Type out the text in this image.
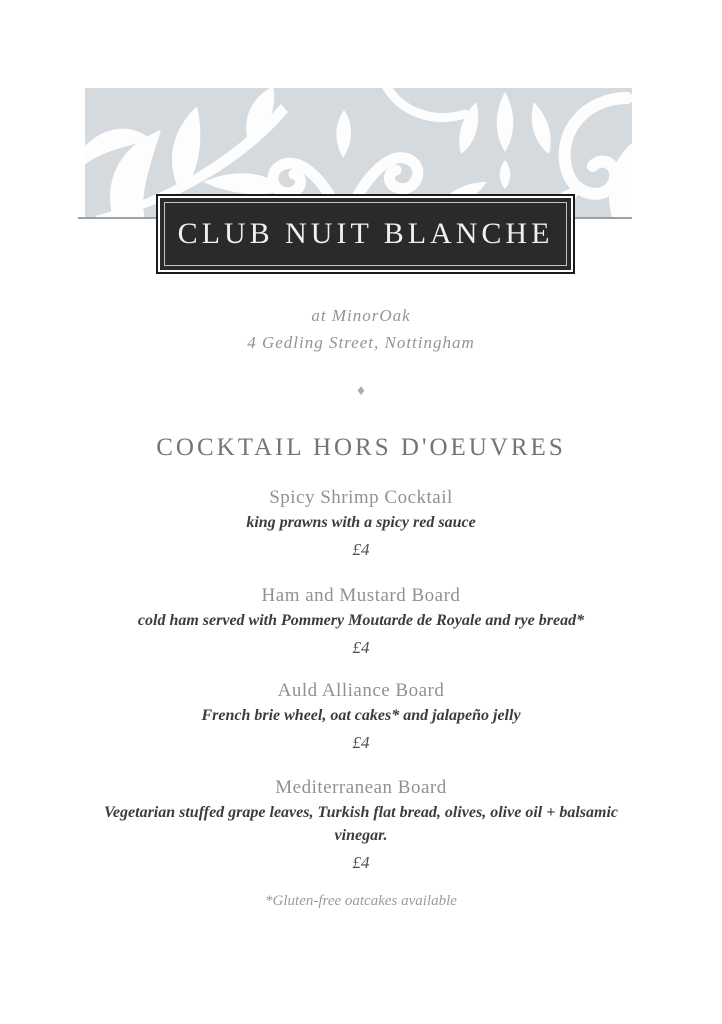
CLUB NUIT BLANCHE
at MinorOak
4 Gedling Street, Nottingham
♦
COCKTAIL HORS D'OEUVRES
Spicy Shrimp Cocktail
king prawns with a spicy red sauce
£4
Ham and Mustard Board
cold ham served with Pommery Moutarde de Royale and rye bread*
£4
Auld Alliance Board
French brie wheel, oat cakes* and jalapeño jelly
£4
Mediterranean Board
Vegetarian stuffed grape leaves, Turkish flat bread, olives, olive oil + balsamic vinegar.
£4
*Gluten-free oatcakes available
